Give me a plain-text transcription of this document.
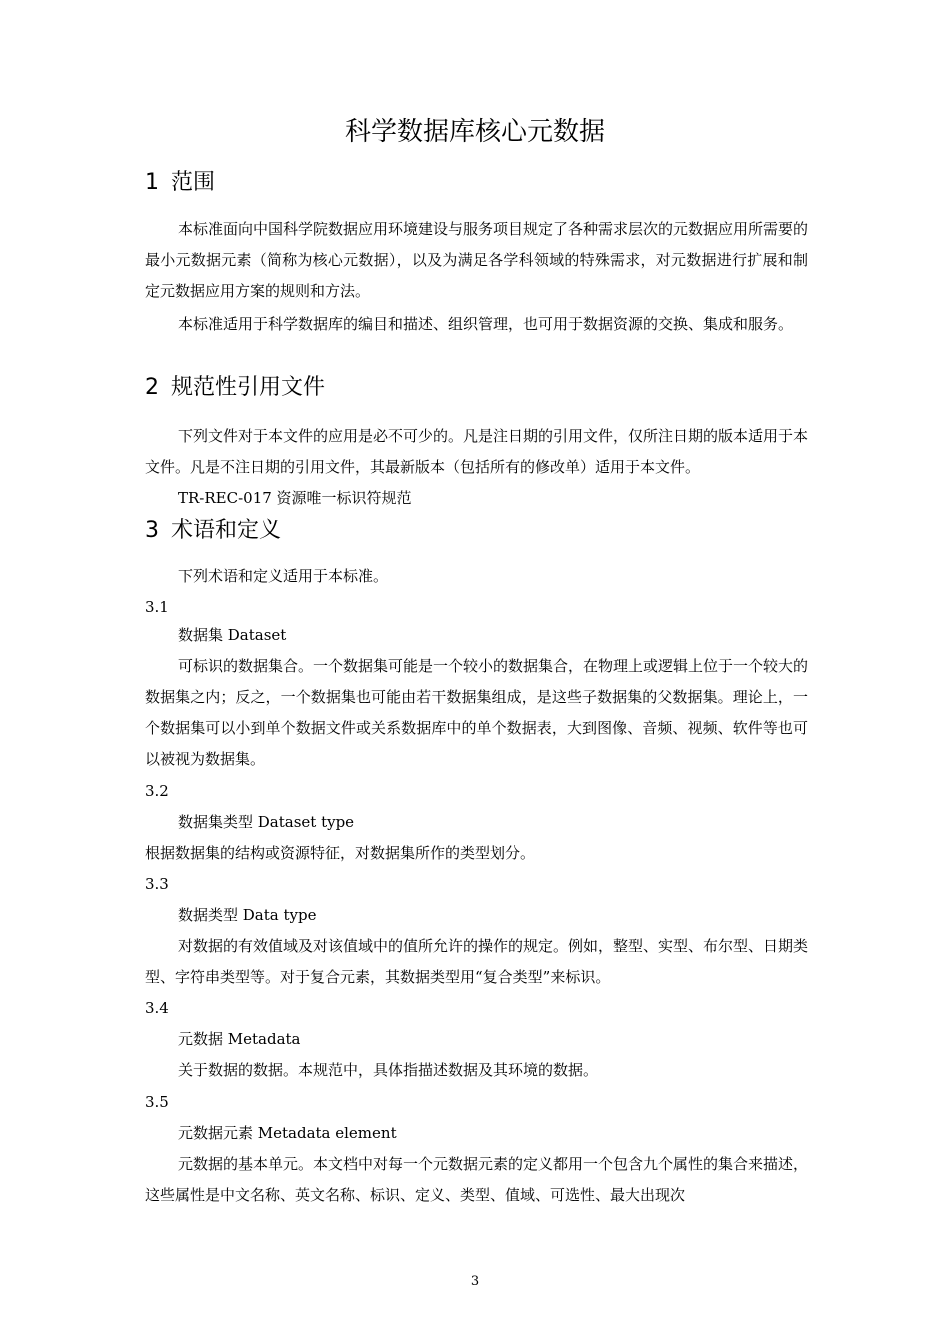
科学数据库核心元数据
1 范围
本标准面向中国科学院数据应用环境建设与服务项目规定了各种需求层次的元数据应用所需要的最小元数据元素（简称为核心元数据），以及为满足各学科领域的特殊需求，对元数据进行扩展和制定元数据应用方案的规则和方法。
本标准适用于科学数据库的编目和描述、组织管理，也可用于数据资源的交换、集成和服务。
2 规范性引用文件
下列文件对于本文件的应用是必不可少的。凡是注日期的引用文件，仅所注日期的版本适用于本文件。凡是不注日期的引用文件，其最新版本（包括所有的修改单）适用于本文件。
TR-REC-017 资源唯一标识符规范
3 术语和定义
下列术语和定义适用于本标准。
3.1
数据集 Dataset
可标识的数据集合。一个数据集可能是一个较小的数据集合，在物理上或逻辑上位于一个较大的数据集之内；反之，一个数据集也可能由若干数据集组成，是这些子数据集的父数据集。理论上，一个数据集可以小到单个数据文件或关系数据库中的单个数据表，大到图像、音频、视频、软件等也可以被视为数据集。
3.2
数据集类型 Dataset type
根据数据集的结构或资源特征，对数据集所作的类型划分。
3.3
数据类型 Data type
对数据的有效值域及对该值域中的值所允许的操作的规定。例如，整型、实型、布尔型、日期类型、字符串类型等。对于复合元素，其数据类型用“复合类型”来标识。
3.4
元数据 Metadata
关于数据的数据。本规范中，具体指描述数据及其环境的数据。
3.5
元数据元素 Metadata element
元数据的基本单元。本文档中对每一个元数据元素的定义都用一个包含九个属性的集合来描述，这些属性是中文名称、英文名称、标识、定义、类型、值域、可选性、最大出现次
3
